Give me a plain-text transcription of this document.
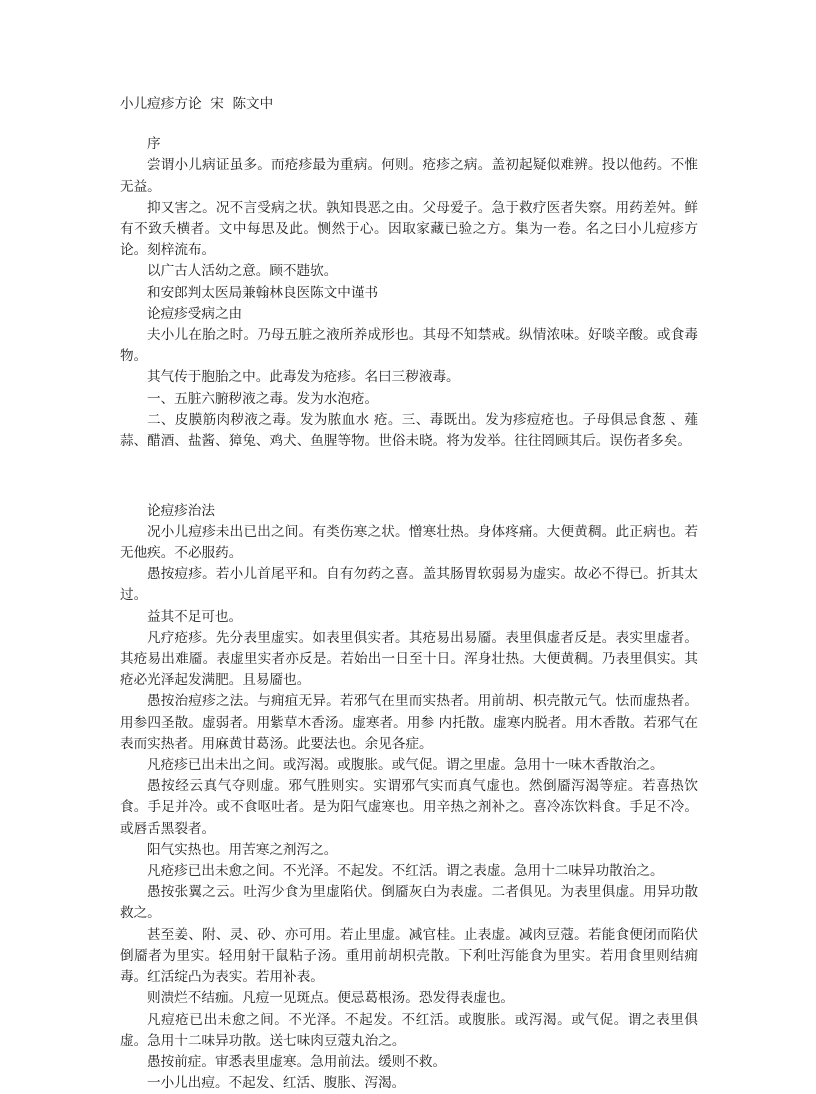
小儿痘疹方论  宋  陈文中

序

尝谓小儿病证虽多。而疮疹最为重病。何则。疮疹之病。盖初起疑似难辨。投以他药。不惟无益。

抑又害之。况不言受病之状。孰知畏恶之由。父母爱子。急于救疗医者失察。用药差舛。鲜有不致夭横者。文中每思及此。恻然于心。因取家藏已验之方。集为一卷。名之曰小儿痘疹方论。刻梓流布。

以广古人活幼之意。顾不韪欤。

和安郎判太医局兼翰林良医陈文中谨书

论痘疹受病之由

夫小儿在胎之时。乃母五脏之液所养成形也。其母不知禁戒。纵情浓味。好啖辛酸。或食毒物。

其气传于胞胎之中。此毒发为疮疹。名曰三秽液毒。

一、五脏六腑秽液之毒。发为水泡疮。

二、皮膜筋肉秽液之毒。发为脓血水 疮。三、毒既出。发为疹痘疮也。子母俱忌食葱 、薤蒜、醋酒、盐酱、獐兔、鸡犬、鱼腥等物。世俗未晓。将为发举。往往罔顾其后。误伤者多矣。

论痘疹治法

况小儿痘疹未出已出之间。有类伤寒之状。憎寒壮热。身体疼痛。大便黄稠。此正病也。若无他疾。不必服药。

愚按痘疹。若小儿首尾平和。自有勿药之喜。盖其肠胃软弱易为虚实。故必不得已。折其太过。

益其不足可也。

凡疗疮疹。先分表里虚实。如表里俱实者。其疮易出易靥。表里俱虚者反是。表实里虚者。其疮易出难靥。表虚里实者亦反是。若始出一日至十日。浑身壮热。大便黄稠。乃表里俱实。其疮必光泽起发满肥。且易靥也。

愚按治痘疹之法。与痈疽无异。若邪气在里而实热者。用前胡、枳壳散元气。怯而虚热者。用参四圣散。虚弱者。用紫草木香汤。虚寒者。用参 内托散。虚寒内脱者。用木香散。若邪气在表而实热者。用麻黄甘葛汤。此要法也。余见各症。

凡疮疹已出未出之间。或泻渴。或腹胀。或气促。谓之里虚。急用十一味木香散治之。

愚按经云真气夺则虚。邪气胜则实。实谓邪气实而真气虚也。然倒靥泻渴等症。若喜热饮食。手足并冷。或不食呕吐者。是为阳气虚寒也。用辛热之剂补之。喜冷冻饮料食。手足不冷。或唇舌黑裂者。

阳气实热也。用苦寒之剂泻之。

凡疮疹已出未愈之间。不光泽。不起发。不红活。谓之表虚。急用十二味异功散治之。

愚按张翼之云。吐泻少食为里虚陷伏。倒靥灰白为表虚。二者俱见。为表里俱虚。用异功散救之。

甚至姜、附、灵、砂、亦可用。若止里虚。减官桂。止表虚。减肉豆蔻。若能食便闭而陷伏倒靥者为里实。轻用射干鼠粘子汤。重用前胡枳壳散。下利吐泻能食为里实。若用食里则结痈毒。红活绽凸为表实。若用补表。

则溃烂不结痂。凡痘一见斑点。便忌葛根汤。恐发得表虚也。

凡痘疮已出未愈之间。不光泽。不起发。不红活。或腹胀。或泻渴。或气促。谓之表里俱虚。急用十二味异功散。送七味肉豆蔻丸治之。

愚按前症。审悉表里虚寒。急用前法。缓则不救。

一小儿出痘。不起发、红活、腹胀、泻渴。
